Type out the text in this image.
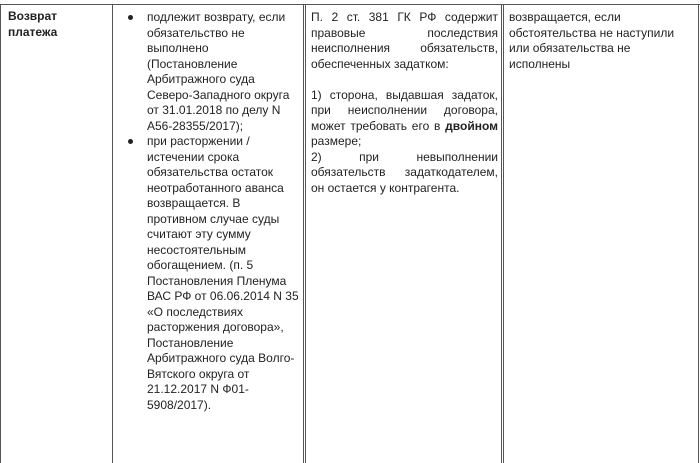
Возврат платежа
подлежит возврату, если обязательство не выполнено (Постановление Арбитражного суда Северо-Западного округа от 31.01.2018 по делу N А56-28355/2017);
при расторжении /истечении срока обязательства остаток неотработанного аванса возвращается. В противном случае суды считают эту сумму несостоятельным обогащением. (п. 5 Постановления Пленума ВАС РФ от 06.06.2014 N 35 «О последствиях расторжения договора», Постановление Арбитражного суда Волго-Вятского округа от 21.12.2017 N Ф01-5908/2017).
П. 2 ст. 381 ГК РФ содержит правовые последствия неисполнения обязательств, обеспеченных задатком:
1) сторона, выдавшая задаток, при неисполнении договора, может требовать его в двойном размере;
2) при невыполнении обязательств задаткодателем, он остается у контрагента.
возвращается, если обстоятельства не наступили или обязательства не исполнены
